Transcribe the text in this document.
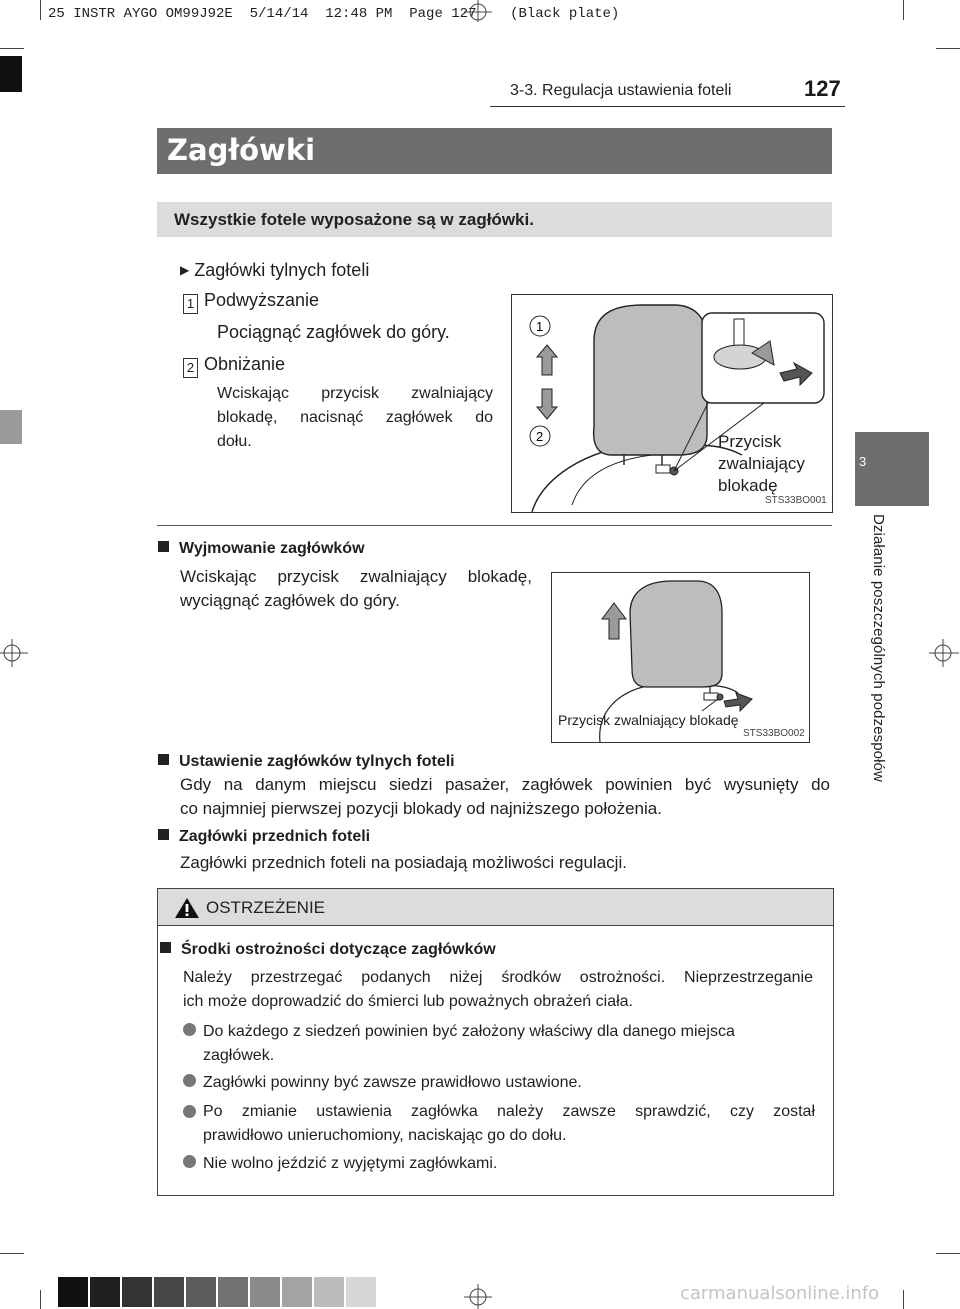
25 INSTR AYGO OM99J92E  5/14/14  12:48 PM  Page 127    (Black plate)
3
Działanie poszczególnych podzespołów
3-3. Regulacja ustawienia foteli	127
Zagłówki
Wszystkie fotele wyposażone są w zagłówki.
▶ Zagłówki tylnych foteli
1 Podwyższanie
Pociągnąć zagłówek do góry.
2 Obniżanie
Wciskając przycisk zwalniający
blokadę, nacisnąć zagłówek do
dołu.
1
2	Przycisk
zwalniający
blokadę
STS33BO001
Wyjmowanie zagłówków
Wciskając przycisk zwalniający blokadę,
wyciągnąć zagłówek do góry.
Przycisk zwalniający blokadę
STS33BO002
Ustawienie zagłówków tylnych foteli
Gdy na danym miejscu siedzi pasażer, zagłówek powinien być wysunięty do
co najmniej pierwszej pozycji blokady od najniższego położenia.
Zagłówki przednich foteli
Zagłówki przednich foteli na posiadają możliwości regulacji.
OSTRZEŻENIE
Środki ostrożności dotyczące zagłówków
Należy przestrzegać podanych niżej środków ostrożności. Nieprzestrzeganie
ich może doprowadzić do śmierci lub poważnych obrażeń ciała.
Do każdego z siedzeń powinien być założony właściwy dla danego miejsca
zagłówek.
Zagłówki powinny być zawsze prawidłowo ustawione.
Po zmianie ustawienia zagłówka należy zawsze sprawdzić, czy został
prawidłowo unieruchomiony, naciskając go do dołu.
Nie wolno jeździć z wyjętymi zagłówkami.
carmanualsonline.info
